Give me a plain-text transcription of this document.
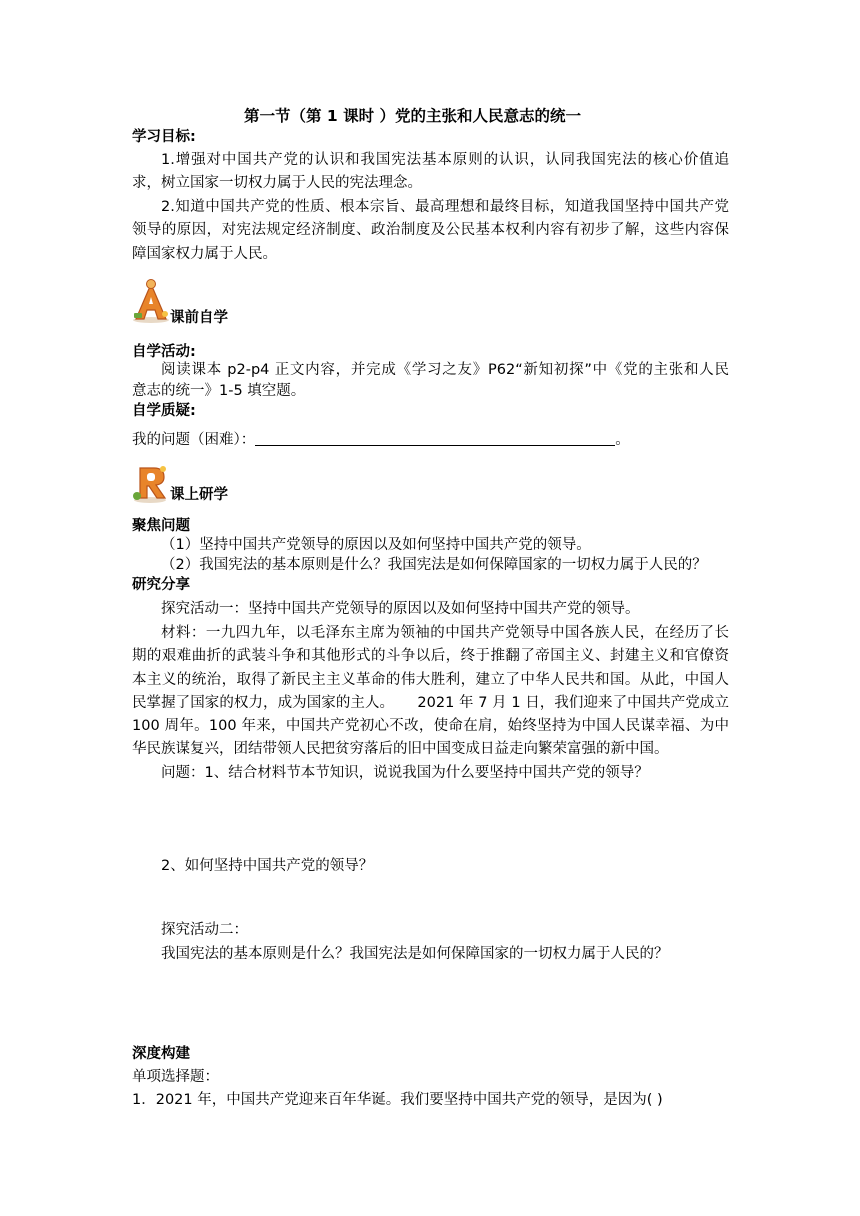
第一节（第 1 课时 ）党的主张和人民意志的统一
学习目标:
1.增强对中国共产党的认识和我国宪法基本原则的认识，认同我国宪法的核心价值追
求，树立国家一切权力属于人民的宪法理念。
2.知道中国共产党的性质、根本宗旨、最高理想和最终目标，知道我国坚持中国共产党
领导的原因，对宪法规定经济制度、政治制度及公民基本权利内容有初步了解，这些内容保
障国家权力属于人民。
课前自学
自学活动:
阅读课本 p2-p4 正文内容，并完成《学习之友》P62“新知初探”中《党的主张和人民
意志的统一》1-5 填空题。
自学质疑:
我的问题（困难）：	。
课上研学
聚焦问题
（1）坚持中国共产党领导的原因以及如何坚持中国共产党的领导。
（2）我国宪法的基本原则是什么？我国宪法是如何保障国家的一切权力属于人民的？
研究分享
探究活动一：坚持中国共产党领导的原因以及如何坚持中国共产党的领导。
材料：一九四九年，以毛泽东主席为领袖的中国共产党领导中国各族人民，在经历了长
期的艰难曲折的武装斗争和其他形式的斗争以后，终于推翻了帝国主义、封建主义和官僚资
本主义的统治，取得了新民主主义革命的伟大胜利，建立了中华人民共和国。从此，中国人
民掌握了国家的权力，成为国家的主人。     2021 年 7 月 1 日，我们迎来了中国共产党成立
100 周年。100 年来，中国共产党初心不改，使命在肩，始终坚持为中国人民谋幸福、为中
华民族谋复兴，团结带领人民把贫穷落后的旧中国变成日益走向繁荣富强的新中国。
问题：1、结合材料节本节知识，说说我国为什么要坚持中国共产党的领导？
2、如何坚持中国共产党的领导？
探究活动二：
我国宪法的基本原则是什么？我国宪法是如何保障国家的一切权力属于人民的？
深度构建
单项选择题：
1．2021 年，中国共产党迎来百年华诞。我们要坚持中国共产党的领导，是因为( )
